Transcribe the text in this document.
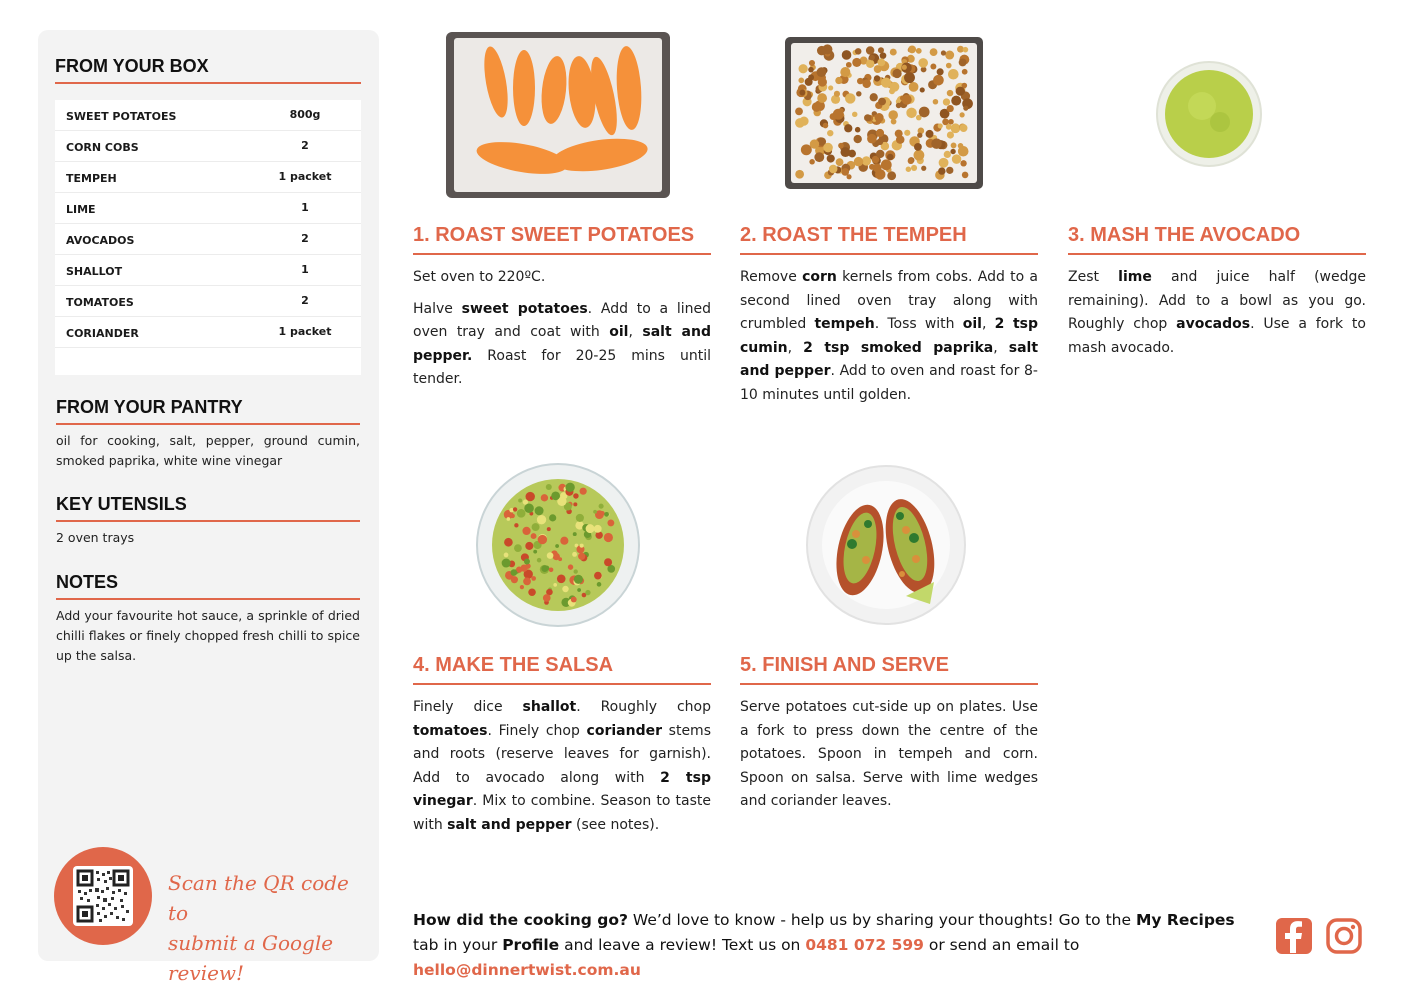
FROM YOUR BOX
SWEET POTATOES	800g
CORN COBS	2
TEMPEH	1 packet
LIME	1
AVOCADOS	2
SHALLOT	1
TOMATOES	2
CORIANDER	1 packet
FROM YOUR PANTRY
oil for cooking, salt, pepper, ground cumin, smoked paprika, white wine vinegar
KEY UTENSILS
2 oven trays
NOTES
Add your favourite hot sauce, a sprinkle of dried chilli flakes or finely chopped fresh chilli to spice up the salsa.
Scan the QR code to
submit a Google review!
1. ROAST SWEET POTATOES

Set oven to 220ºC.

Halve sweet potatoes. Add to a lined oven tray and coat with oil, salt and pepper. Roast for 20-25 mins until tender.

2. ROAST THE TEMPEH

Remove corn kernels from cobs. Add to a second lined oven tray along with crumbled tempeh. Toss with oil, 2 tsp cumin, 2 tsp smoked paprika, salt and pepper. Add to oven and roast for 8-10 minutes until golden.

3. MASH THE AVOCADO

Zest lime and juice half (wedge remaining). Add to a bowl as you go. Roughly chop avocados. Use a fork to mash avocado.

4. MAKE THE SALSA

Finely dice shallot. Roughly chop tomatoes. Finely chop coriander stems and roots (reserve leaves for garnish). Add to avocado along with 2 tsp vinegar. Mix to combine. Season to taste with salt and pepper (see notes).

5. FINISH AND SERVE

Serve potatoes cut-side up on plates. Use a fork to press down the centre of the potatoes. Spoon in tempeh and corn. Spoon on salsa. Serve with lime wedges and coriander leaves.

How did the cooking go? We’d love to know - help us by sharing your thoughts! Go to the My Recipes tab in your Profile and leave a review! Text us on 0481 072 599 or send an email to hello@dinnertwist.com.au
